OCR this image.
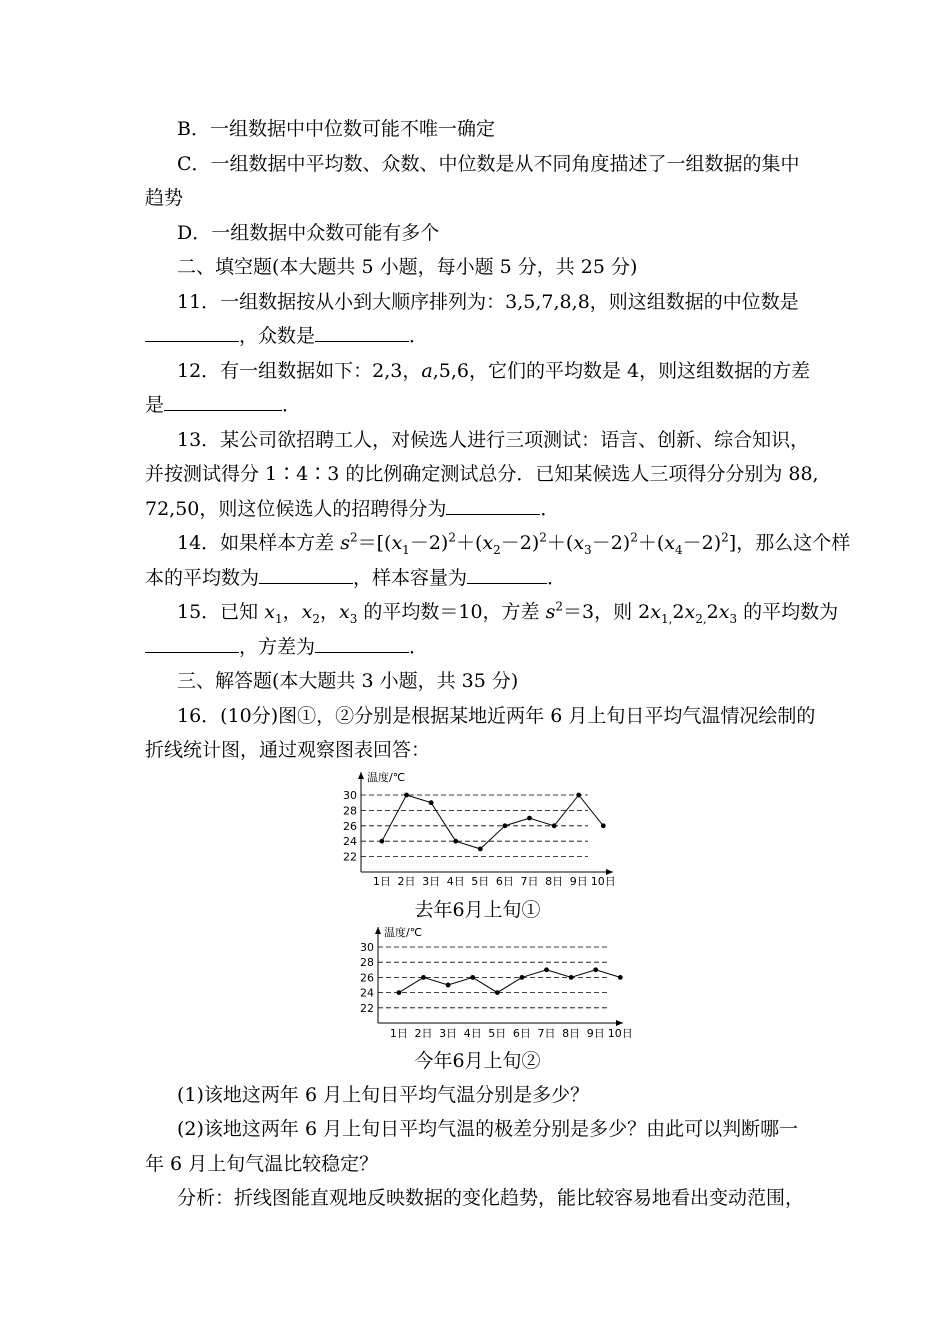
B．一组数据中中位数可能不唯一确定
C．一组数据中平均数、众数、中位数是从不同角度描述了一组数据的集中
趋势
D．一组数据中众数可能有多个
二、填空题(本大题共 5 小题，每小题 5 分，共 25 分)
11．一组数据按从小到大顺序排列为：3,5,7,8,8，则这组数据的中位数是
，众数是	．
12．有一组数据如下：2,3，a,5,6，它们的平均数是 4，则这组数据的方差
是	．
13．某公司欲招聘工人，对候选人进行三项测试：语言、创新、综合知识，
并按测试得分 1∶4∶3 的比例确定测试总分．已知某候选人三项得分分别为 88,
72,50，则这位候选人的招聘得分为	．
14．如果样本方差 $s^2=[(x_1-2)^2+(x_2-2)^2+(x_3-2)^2+(x_4-2)^2]$，那么这个样
本的平均数为	，样本容量为	．
15．已知 $x_1$，$x_2$，$x_3$ 的平均数＝10，方差 $s^2=3$，则 $2x_{1,}2x_{2,}2x_3$ 的平均数为
，方差为	．
三、解答题(本大题共 3 小题，共 35 分)
16．(10分)图①，②分别是根据某地近两年 6 月上旬日平均气温情况绘制的
折线统计图，通过观察图表回答：
22
24
26
28
30
温度/℃
1日 2日 3日 4日 5日 6日 7日 8日 9日 10日
去年6月上旬①
22
24
26
28
30
温度/℃
1日 2日 3日 4日 5日 6日 7日 8日 9日 10日
今年6月上旬②
(1)该地这两年 6 月上旬日平均气温分别是多少？
(2)该地这两年 6 月上旬日平均气温的极差分别是多少？由此可以判断哪一
年 6 月上旬气温比较稳定？
分析：折线图能直观地反映数据的变化趋势，能比较容易地看出变动范围，
